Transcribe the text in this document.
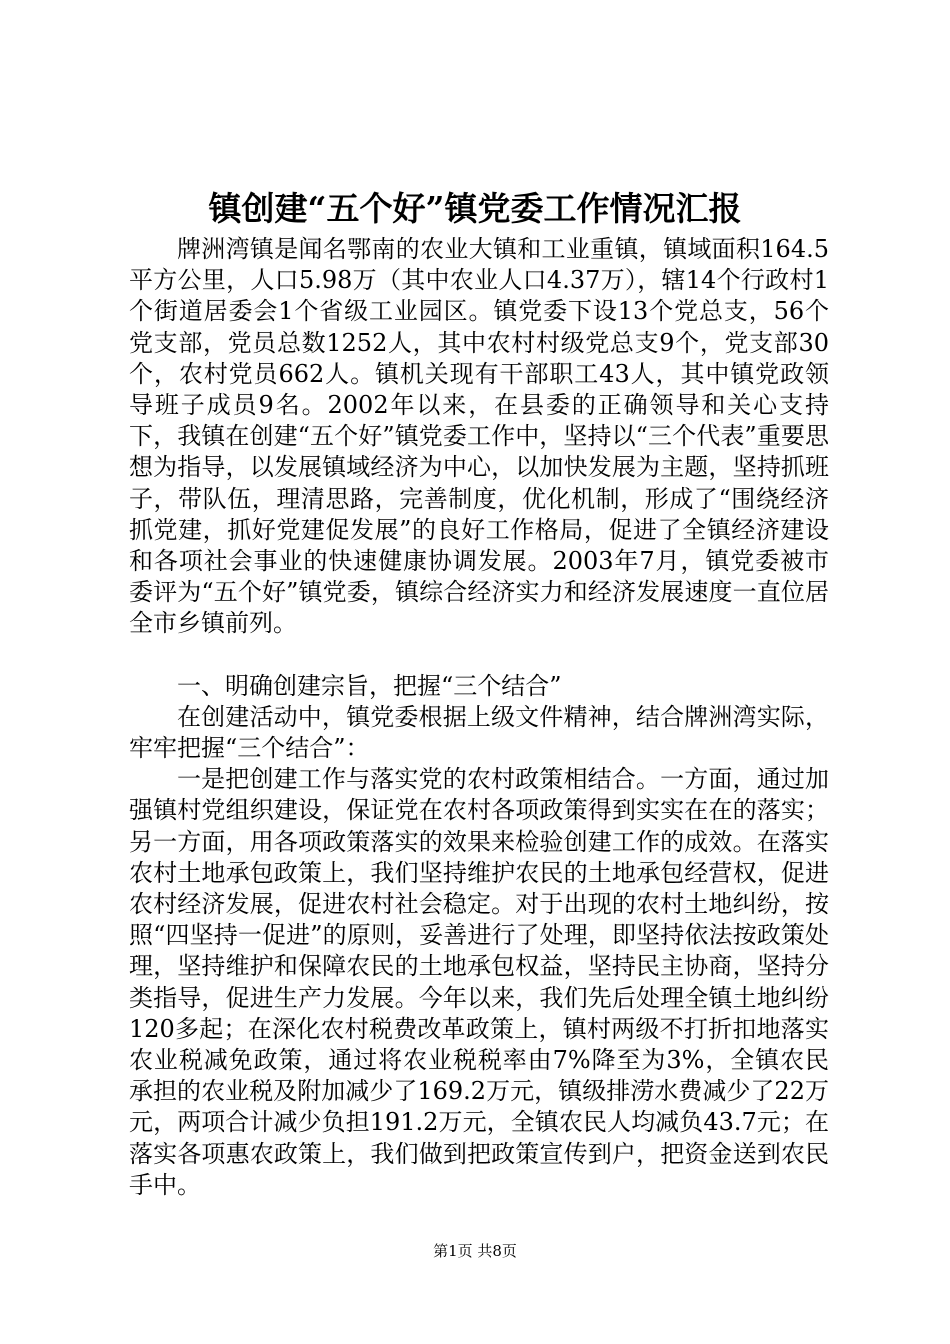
镇创建“五个好”镇党委工作情况汇报

牌洲湾镇是闻名鄂南的农业大镇和工业重镇，镇域面积164.5平方公里，人口5.98万（其中农业人口4.37万），辖14个行政村1个街道居委会1个省级工业园区。镇党委下设13个党总支，56个党支部，党员总数1252人，其中农村村级党总支9个，党支部30个，农村党员662人。镇机关现有干部职工43人，其中镇党政领导班子成员9名。2002年以来，在县委的正确领导和关心支持下，我镇在创建“五个好”镇党委工作中，坚持以“三个代表”重要思想为指导，以发展镇域经济为中心，以加快发展为主题，坚持抓班子，带队伍，理清思路，完善制度，优化机制，形成了“围绕经济抓党建，抓好党建促发展”的良好工作格局，促进了全镇经济建设和各项社会事业的快速健康协调发展。2003年7月，镇党委被市委评为“五个好”镇党委，镇综合经济实力和经济发展速度一直位居全市乡镇前列。

一、明确创建宗旨，把握“三个结合”

在创建活动中，镇党委根据上级文件精神，结合牌洲湾实际，牢牢把握“三个结合”：

一是把创建工作与落实党的农村政策相结合。一方面，通过加强镇村党组织建设，保证党在农村各项政策得到实实在在的落实；另一方面，用各项政策落实的效果来检验创建工作的成效。在落实农村土地承包政策上，我们坚持维护农民的土地承包经营权，促进农村经济发展，促进农村社会稳定。对于出现的农村土地纠纷，按照“四坚持一促进”的原则，妥善进行了处理，即坚持依法按政策处理，坚持维护和保障农民的土地承包权益，坚持民主协商，坚持分类指导，促进生产力发展。今年以来，我们先后处理全镇土地纠纷120多起；在深化农村税费改革政策上，镇村两级不打折扣地落实农业税减免政策，通过将农业税税率由7%降至为3%，全镇农民承担的农业税及附加减少了169.2万元，镇级排涝水费减少了22万元，两项合计减少负担191.2万元，全镇农民人均减负43.7元；在落实各项惠农政策上，我们做到把政策宣传到户，把资金送到农民手中。

第1页 共8页
